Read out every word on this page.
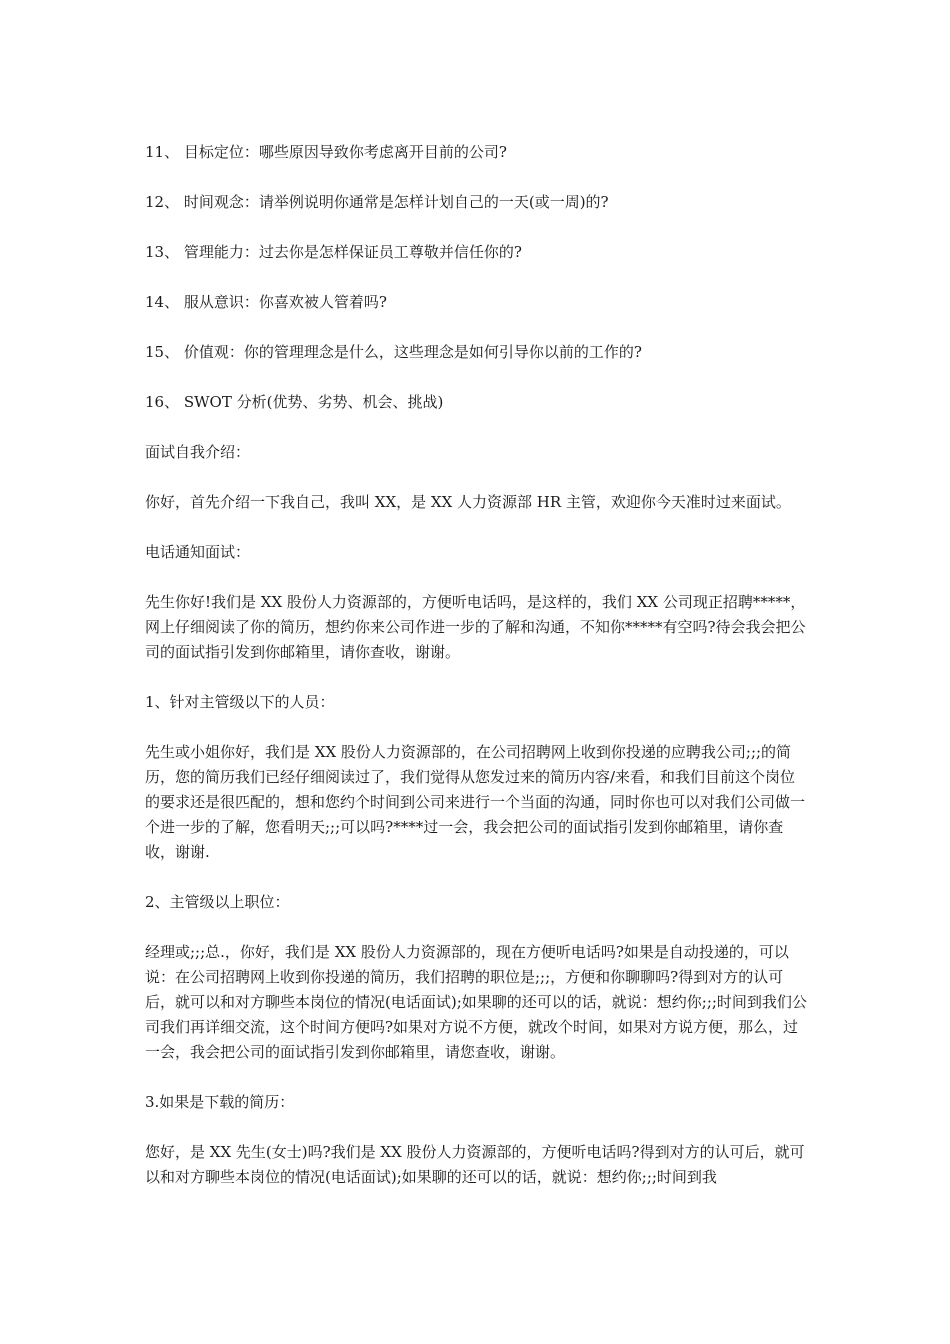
11、 目标定位：哪些原因导致你考虑离开目前的公司?

12、 时间观念：请举例说明你通常是怎样计划自己的一天(或一周)的?

13、 管理能力：过去你是怎样保证员工尊敬并信任你的?

14、 服从意识：你喜欢被人管着吗?

15、 价值观：你的管理理念是什么，这些理念是如何引导你以前的工作的?

16、 SWOT 分析(优势、劣势、机会、挑战)

面试自我介绍：

你好，首先介绍一下我自己，我叫 XX，是 XX 人力资源部 HR 主管，欢迎你今天准时过来面试。

电话通知面试：

先生你好!我们是 XX 股份人力资源部的，方便听电话吗，是这样的，我们 XX 公司现正招聘*****，网上仔细阅读了你的简历，想约你来公司作进一步的了解和沟通，不知你*****有空吗?待会我会把公司的面试指引发到你邮箱里，请你查收，谢谢。

1、针对主管级以下的人员：

先生或小姐你好，我们是 XX 股份人力资源部的，在公司招聘网上收到你投递的应聘我公司;;;的简历，您的简历我们已经仔细阅读过了，我们觉得从您发过来的简历内容/来看，和我们目前这个岗位的要求还是很匹配的，想和您约个时间到公司来进行一个当面的沟通，同时你也可以对我们公司做一个进一步的了解，您看明天;;;可以吗?****过一会，我会把公司的面试指引发到你邮箱里，请你查收，谢谢.

2、主管级以上职位：

经理或;;;总.，你好，我们是 XX 股份人力资源部的，现在方便听电话吗?如果是自动投递的，可以说：在公司招聘网上收到你投递的简历，我们招聘的职位是;;;，方便和你聊聊吗?得到对方的认可后，就可以和对方聊些本岗位的情况(电话面试);如果聊的还可以的话，就说：想约你;;;时间到我们公司我们再详细交流，这个时间方便吗?如果对方说不方便，就改个时间，如果对方说方便，那么，过一会，我会把公司的面试指引发到你邮箱里，请您查收，谢谢。

3.如果是下载的简历：

您好，是 XX 先生(女士)吗?我们是 XX 股份人力资源部的，方便听电话吗?得到对方的认可后，就可以和对方聊些本岗位的情况(电话面试);如果聊的还可以的话，就说：想约你;;;时间到我
